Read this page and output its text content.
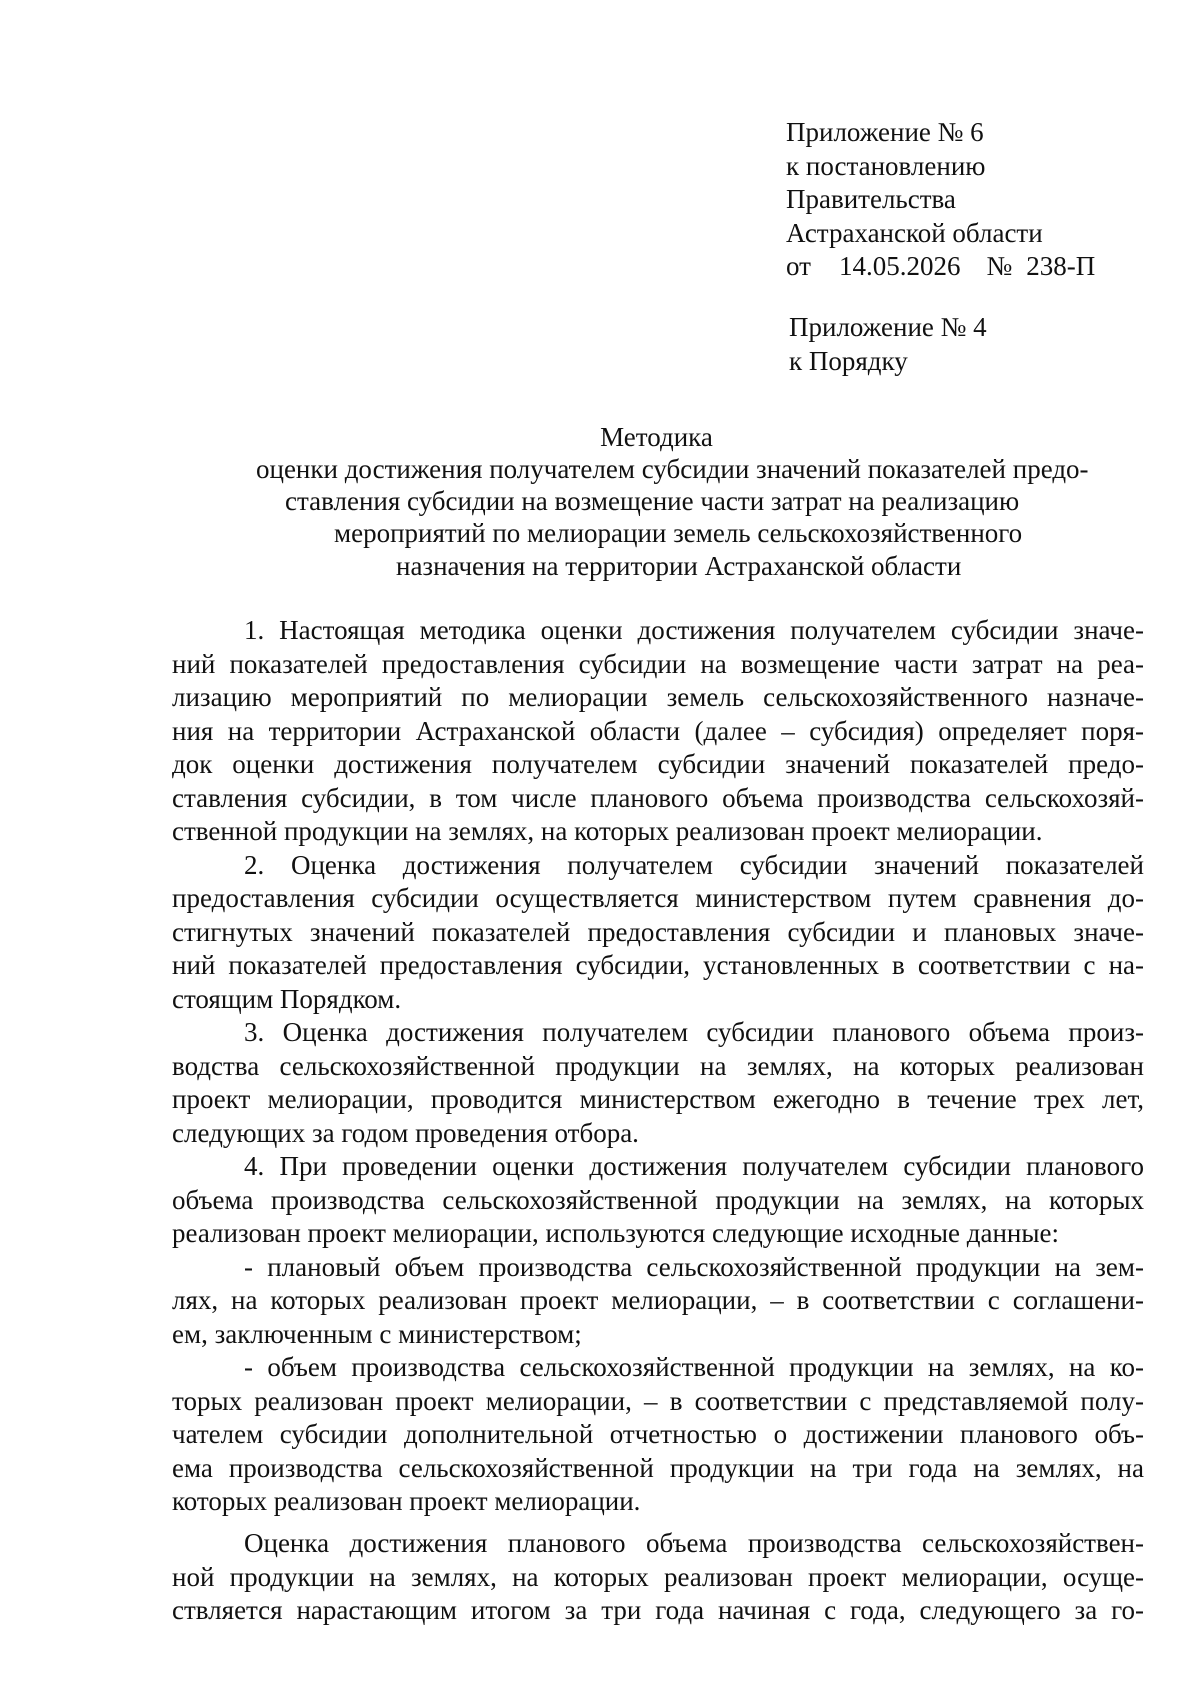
Приложение № 6
к постановлению
Правительства
Астраханской области
от 14.05.2026 № 238-П
Приложение № 4
к Порядку
Методика
оценки достижения получателем субсидии значений показателей предо-
ставления субсидии на возмещение части затрат на реализацию
мероприятий по мелиорации земель сельскохозяйственного
назначения на территории Астраханской области
1. Настоящая методика оценки достижения получателем субсидии значе-
ний показателей предоставления субсидии на возмещение части затрат на реа-
лизацию мероприятий по мелиорации земель сельскохозяйственного назначе-
ния на территории Астраханской области (далее – субсидия) определяет поря-
док оценки достижения получателем субсидии значений показателей предо-
ставления субсидии, в том числе планового объема производства сельскохозяй-
ственной продукции на землях, на которых реализован проект мелиорации.
2. Оценка достижения получателем субсидии значений показателей
предоставления субсидии осуществляется министерством путем сравнения до-
стигнутых значений показателей предоставления субсидии и плановых значе-
ний показателей предоставления субсидии, установленных в соответствии с на-
стоящим Порядком.
3. Оценка достижения получателем субсидии планового объема произ-
водства сельскохозяйственной продукции на землях, на которых реализован
проект мелиорации, проводится министерством ежегодно в течение трех лет,
следующих за годом проведения отбора.
4. При проведении оценки достижения получателем субсидии планового
объема производства сельскохозяйственной продукции на землях, на которых
реализован проект мелиорации, используются следующие исходные данные:
- плановый объем производства сельскохозяйственной продукции на зем-
лях, на которых реализован проект мелиорации, – в соответствии с соглашени-
ем, заключенным с министерством;
- объем производства сельскохозяйственной продукции на землях, на ко-
торых реализован проект мелиорации, – в соответствии с представляемой полу-
чателем субсидии дополнительной отчетностью о достижении планового объ-
ема производства сельскохозяйственной продукции на три года на землях, на
которых реализован проект мелиорации.
Оценка достижения планового объема производства сельскохозяйствен-
ной продукции на землях, на которых реализован проект мелиорации, осуще-
ствляется нарастающим итогом за три года начиная с года, следующего за го-
